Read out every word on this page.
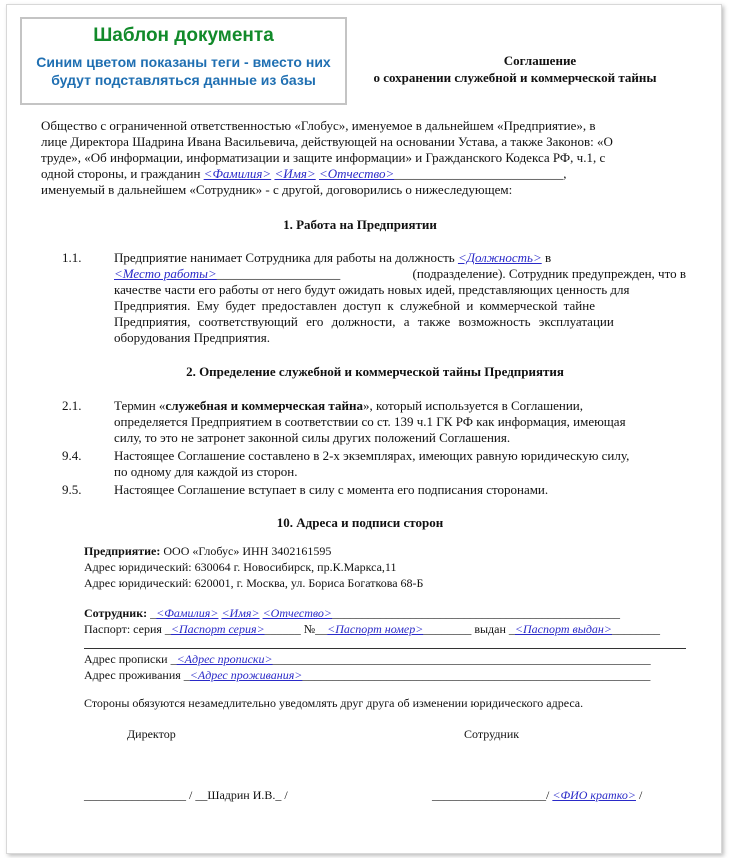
Шаблон документа
Синим цветом показаны теги - вместо них
будут подставляться данные из базы
Соглашение
о сохранении служебной и коммерческой тайны
Общество с ограниченной ответственностью «Глобус», именуемое в дальнейшем «Предприятие», в
лице Директора Шадрина Ивана Васильевича, действующей на основании Устава, а также Законов: «О
труде», «Об информации, информатизации и защите информации» и Гражданского Кодекса РФ, ч.1, с
одной стороны, и гражданин <Фамилия> <Имя> <Отчество>__________________________,
именуемый в дальнейшем «Сотрудник» - с другой, договорились о нижеследующем:
1. Работа на Предприятии
1.1.	Предприятие нанимает Сотрудника для работы на должность <Должность> в
<Место работы>___________________	(подразделение). Сотрудник предупрежден, что в
качестве части его работы от него будут ожидать новых идей, представляющих ценность для
Предприятия. Ему будет предоставлен доступ к служебной и коммерческой тайне
Предприятия, соответствующий его должности, а также возможность эксплуатации
оборудования Предприятия.
2. Определение служебной и коммерческой тайны Предприятия
2.1.	Термин «служебная и коммерческая тайна», который используется в Соглашении,
определяется Предприятием в соответствии со ст. 139 ч.1 ГК РФ как информация, имеющая
силу, то это не затронет законной силы других положений Соглашения.
9.4.	Настоящее Соглашение составлено в 2-х экземплярах, имеющих равную юридическую силу,
по одному для каждой из сторон.
9.5.	Настоящее Соглашение вступает в силу с момента его подписания сторонами.
10. Адреса и подписи сторон
Предприятие: ООО «Глобус» ИНН 3402161595
Адрес юридический: 630064 г. Новосибирск, пр.К.Маркса,11
Адрес юридический: 620001, г. Москва, ул. Бориса Богаткова 68-Б
Сотрудник: _<Фамилия> <Имя> <Отчество>________________________________________________
Паспорт: серия _<Паспорт серия>______ №__<Паспорт номер>________ выдан _<Паспорт выдан>________
Адрес прописки _<Адрес прописки>_______________________________________________________________
Адрес проживания _<Адрес проживания>__________________________________________________________
Стороны обязуются незамедлительно уведомлять друг друга об изменении юридического адреса.
Директор	Сотрудник
_________________ / __Шадрин И.В._ /	___________________/ <ФИО кратко> /
